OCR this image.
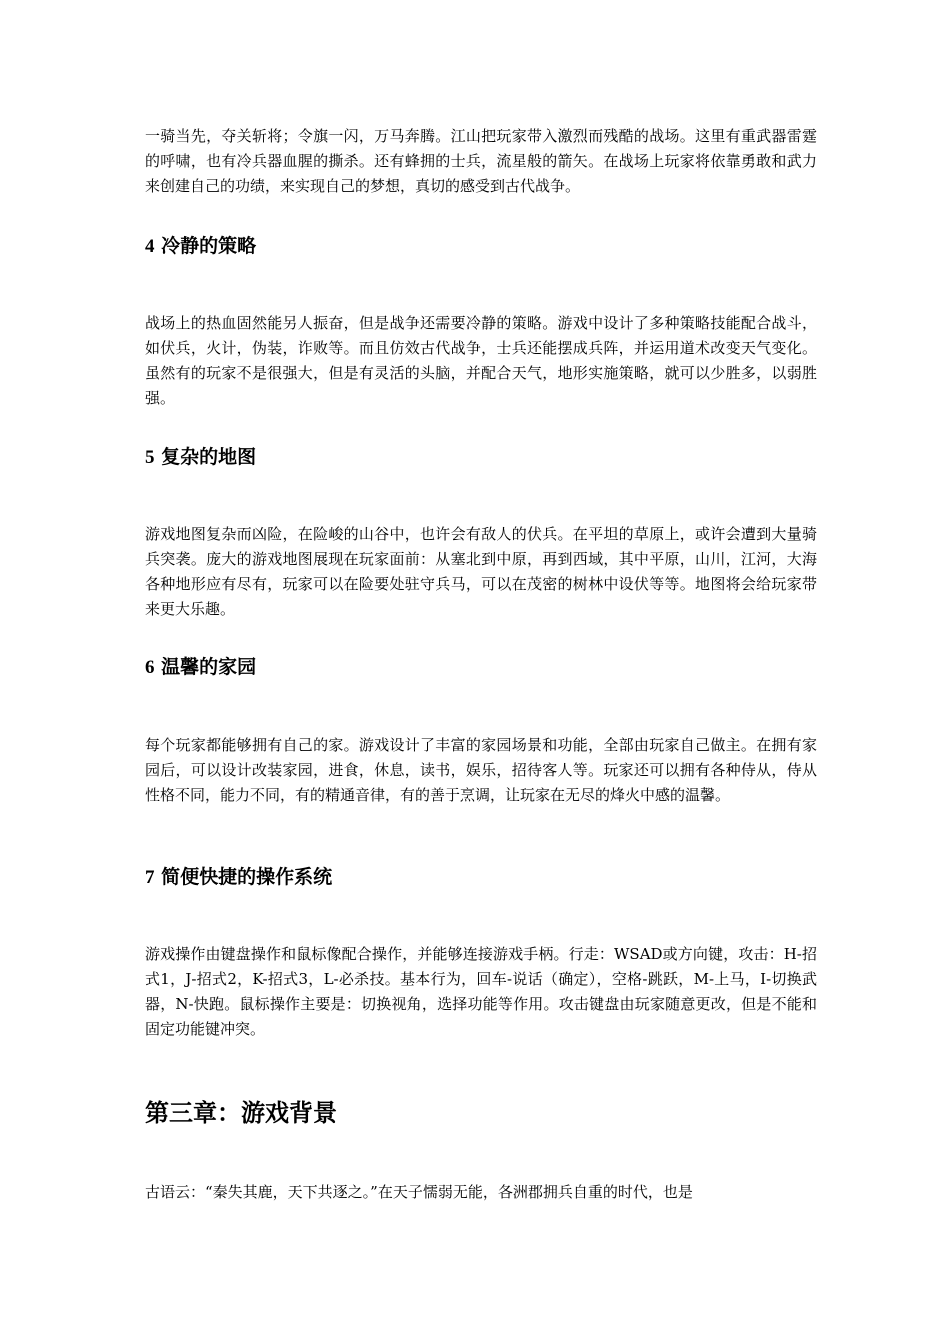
一骑当先，夺关斩将；令旗一闪，万马奔腾。江山把玩家带入激烈而残酷的战场。这里有重武器雷霆的呼啸，也有冷兵器血腥的撕杀。还有蜂拥的士兵，流星般的箭矢。在战场上玩家将依靠勇敢和武力来创建自己的功绩，来实现自己的梦想，真切的感受到古代战争。

4 冷静的策略

战场上的热血固然能另人振奋，但是战争还需要冷静的策略。游戏中设计了多种策略技能配合战斗，如伏兵，火计，伪装，诈败等。而且仿效古代战争，士兵还能摆成兵阵，并运用道术改变天气变化。虽然有的玩家不是很强大，但是有灵活的头脑，并配合天气，地形实施策略，就可以少胜多，以弱胜强。

5 复杂的地图

游戏地图复杂而凶险，在险峻的山谷中，也许会有敌人的伏兵。在平坦的草原上，或许会遭到大量骑兵突袭。庞大的游戏地图展现在玩家面前：从塞北到中原，再到西域，其中平原，山川，江河，大海各种地形应有尽有，玩家可以在险要处驻守兵马，可以在茂密的树林中设伏等等。地图将会给玩家带来更大乐趣。

6 温馨的家园

每个玩家都能够拥有自己的家。游戏设计了丰富的家园场景和功能，全部由玩家自己做主。在拥有家园后，可以设计改装家园，进食，休息，读书，娱乐，招待客人等。玩家还可以拥有各种侍从，侍从性格不同，能力不同，有的精通音律，有的善于烹调，让玩家在无尽的烽火中感的温馨。

7 简便快捷的操作系统

游戏操作由键盘操作和鼠标像配合操作，并能够连接游戏手柄。行走：WSAD或方向键，攻击：H-招式1，J-招式2，K-招式3，L-必杀技。基本行为，回车-说话（确定），空格-跳跃，M-上马，I-切换武器，N-快跑。鼠标操作主要是：切换视角，选择功能等作用。攻击键盘由玩家随意更改，但是不能和固定功能键冲突。

第三章：游戏背景

古语云：“秦失其鹿，天下共逐之。”在天子懦弱无能，各洲郡拥兵自重的时代，也是
